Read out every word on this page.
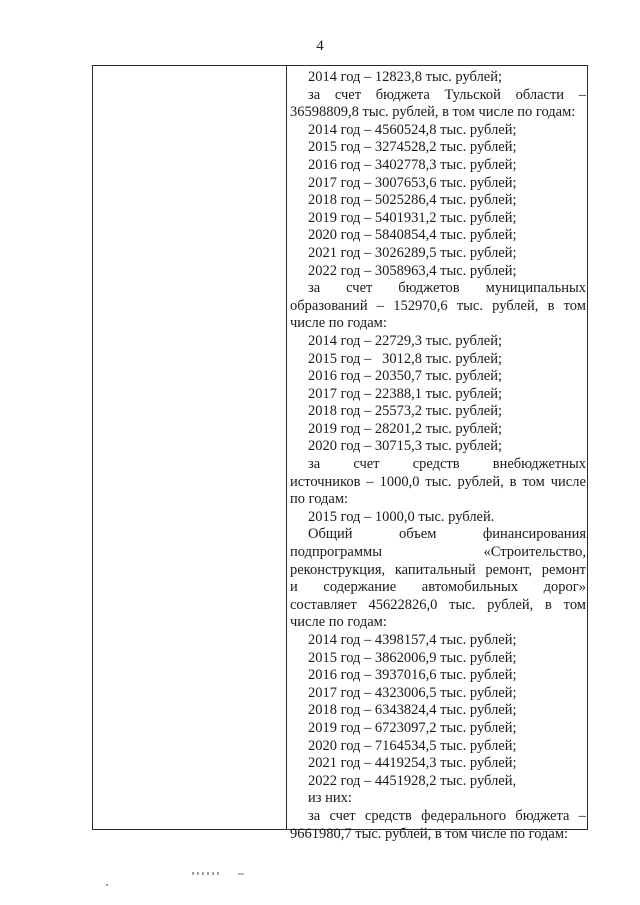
4
2014 год – 12823,8 тыс. рублей;
за счет бюджета Тульской области –
36598809,8 тыс. рублей, в том числе по годам:
2014 год – 4560524,8 тыс. рублей;
2015 год – 3274528,2 тыс. рублей;
2016 год – 3402778,3 тыс. рублей;
2017 год – 3007653,6 тыс. рублей;
2018 год – 5025286,4 тыс. рублей;
2019 год – 5401931,2 тыс. рублей;
2020 год – 5840854,4 тыс. рублей;
2021 год – 3026289,5 тыс. рублей;
2022 год – 3058963,4 тыс. рублей;
за счет бюджетов муниципальных
образований – 152970,6 тыс. рублей, в том
числе по годам:
2014 год – 22729,3 тыс. рублей;
2015 год –   3012,8 тыс. рублей;
2016 год – 20350,7 тыс. рублей;
2017 год – 22388,1 тыс. рублей;
2018 год – 25573,2 тыс. рублей;
2019 год – 28201,2 тыс. рублей;
2020 год – 30715,3 тыс. рублей;
за счет средств внебюджетных
источников – 1000,0 тыс. рублей, в том числе
по годам:
2015 год – 1000,0 тыс. рублей.
Общий	объем	финансирования
подпрограммы	«Строительство,
реконструкция, капитальный ремонт, ремонт
и содержание автомобильных дорог»
составляет 45622826,0 тыс. рублей, в том
числе по годам:
2014 год – 4398157,4 тыс. рублей;
2015 год – 3862006,9 тыс. рублей;
2016 год – 3937016,6 тыс. рублей;
2017 год – 4323006,5 тыс. рублей;
2018 год – 6343824,4 тыс. рублей;
2019 год – 6723097,2 тыс. рублей;
2020 год – 7164534,5 тыс. рублей;
2021 год – 4419254,3 тыс. рублей;
2022 год – 4451928,2 тыс. рублей,
из них:
за счет средств федерального бюджета –
9661980,7 тыс. рублей, в том числе по годам:
